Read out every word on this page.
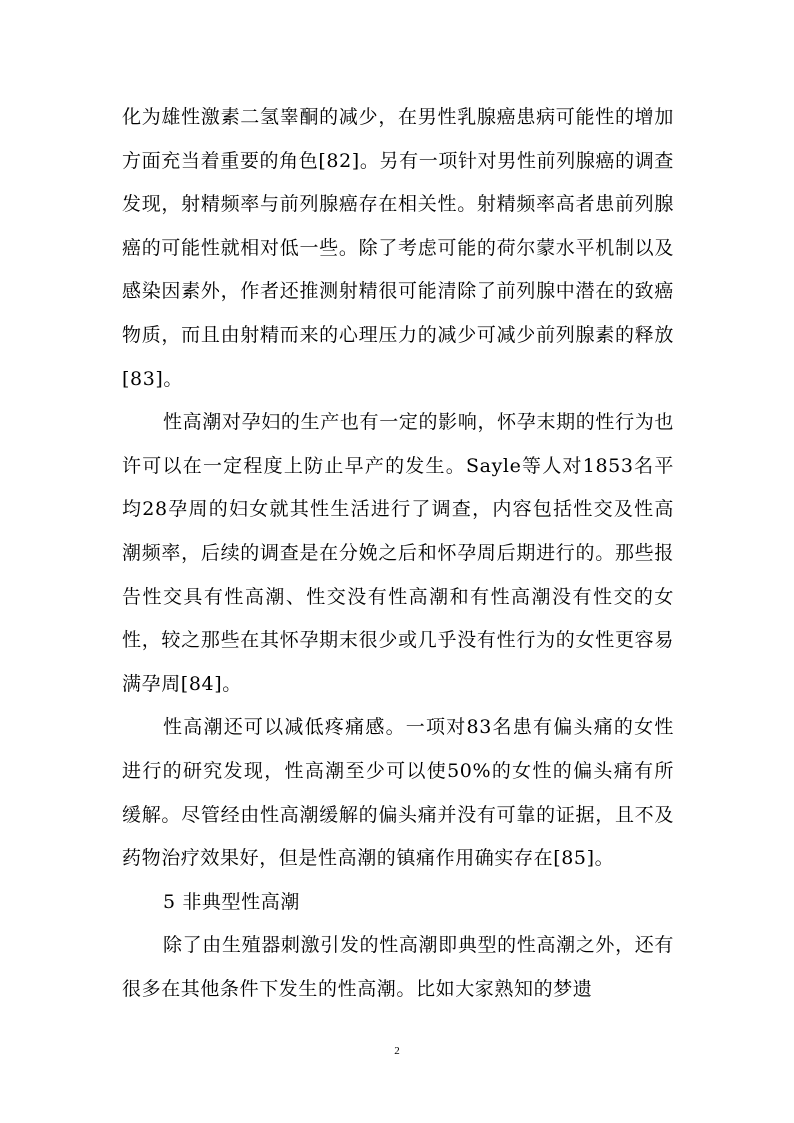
化为雄性激素二氢睾酮的减少，在男性乳腺癌患病可能性的增加方面充当着重要的角色[82]。另有一项针对男性前列腺癌的调查发现，射精频率与前列腺癌存在相关性。射精频率高者患前列腺癌的可能性就相对低一些。除了考虑可能的荷尔蒙水平机制以及感染因素外，作者还推测射精很可能清除了前列腺中潜在的致癌物质，而且由射精而来的心理压力的减少可减少前列腺素的释放[83]。

性高潮对孕妇的生产也有一定的影响，怀孕末期的性行为也许可以在一定程度上防止早产的发生。Sayle等人对1853名平均28孕周的妇女就其性生活进行了调查，内容包括性交及性高潮频率，后续的调查是在分娩之后和怀孕周后期进行的。那些报告性交具有性高潮、性交没有性高潮和有性高潮没有性交的女性，较之那些在其怀孕期末很少或几乎没有性行为的女性更容易满孕周[84]。

性高潮还可以减低疼痛感。一项对83名患有偏头痛的女性进行的研究发现，性高潮至少可以使50%的女性的偏头痛有所缓解。尽管经由性高潮缓解的偏头痛并没有可靠的证据，且不及药物治疗效果好，但是性高潮的镇痛作用确实存在[85]。

5 非典型性高潮

除了由生殖器刺激引发的性高潮即典型的性高潮之外，还有很多在其他条件下发生的性高潮。比如大家熟知的梦遗

2
